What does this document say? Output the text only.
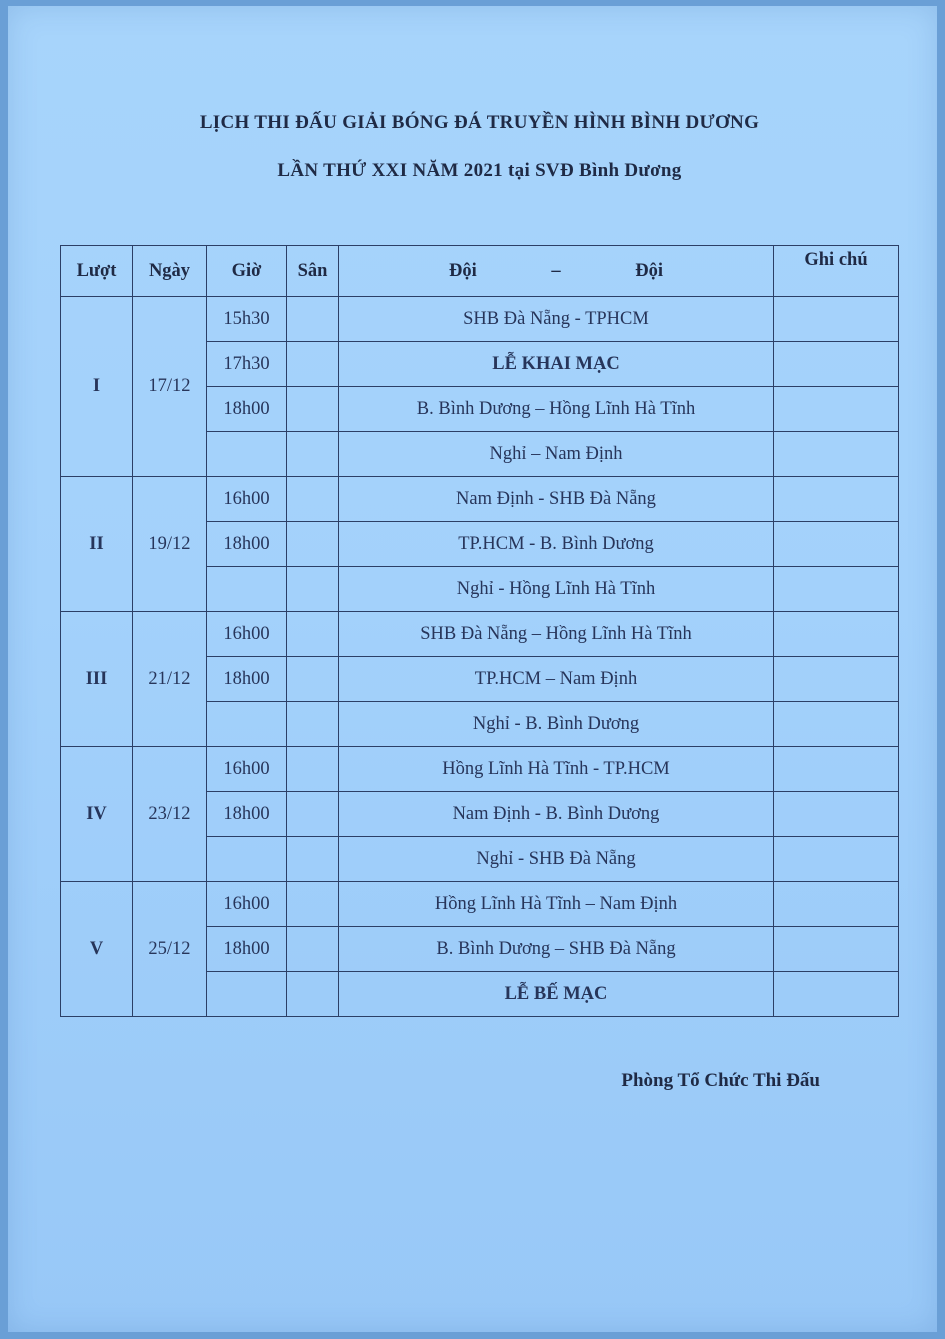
LỊCH THI ĐẤU GIẢI BÓNG ĐÁ TRUYỀN HÌNH BÌNH DƯƠNG
LẦN THỨ XXI NĂM 2021 tại SVĐ Bình Dương
Lượt	Ngày	Giờ	Sân	Đội – Đội	Ghi chú
I	17/12	15h30		SHB Đà Nẵng - TPHCM	
		17h30		LỄ KHAI MẠC	
		18h00		B. Bình Dương – Hồng Lĩnh Hà Tĩnh	
				Nghỉ – Nam Định	
II	19/12	16h00		Nam Định - SHB Đà Nẵng	
		18h00		TP.HCM - B. Bình Dương	
				Nghỉ - Hồng Lĩnh Hà Tĩnh	
III	21/12	16h00		SHB Đà Nẵng – Hồng Lĩnh Hà Tĩnh	
		18h00		TP.HCM – Nam Định	
				Nghỉ - B. Bình Dương	
IV	23/12	16h00		Hồng Lĩnh Hà Tĩnh - TP.HCM	
		18h00		Nam Định - B. Bình Dương	
				Nghỉ - SHB Đà Nẵng	
V	25/12	16h00		Hồng Lĩnh Hà Tĩnh – Nam Định	
		18h00		B. Bình Dương – SHB Đà Nẵng	
				LỄ BẾ MẠC	
Phòng Tổ Chức Thi Đấu
